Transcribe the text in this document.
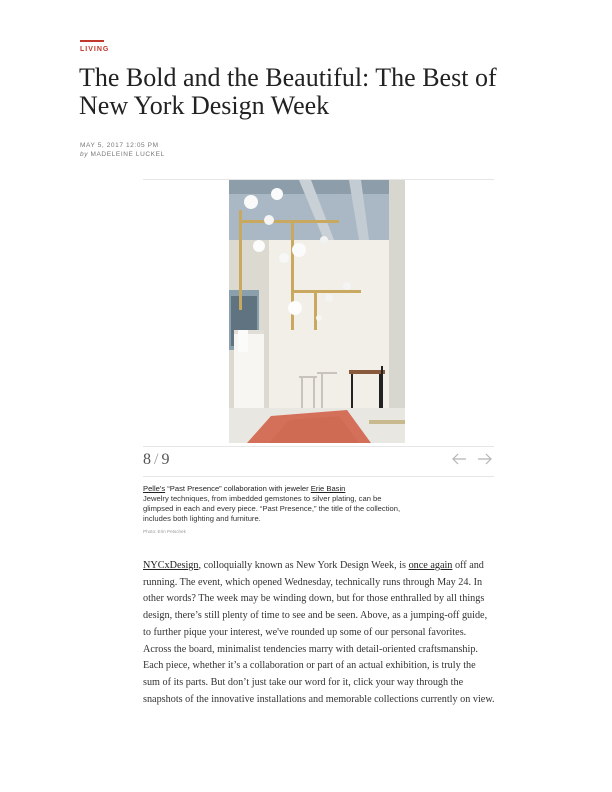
LIVING
The Bold and the Beautiful: The Best of New York Design Week
MAY 5, 2017 12:05 PM
by MADELEINE LUCKEL
8 / 9
Pelle's “Past Presence” collaboration with jeweler Erie Basin
Jewelry techniques, from imbedded gemstones to silver plating, can be glimpsed in each and every piece. “Past Presence,” the title of the collection, includes both lighting and furniture.
Photo: Erin Petschek

NYCxDesign, colloquially known as New York Design Week, is once again off and running. The event, which opened Wednesday, technically runs through May 24. In other words? The week may be winding down, but for those enthralled by all things design, there’s still plenty of time to see and be seen. Above, as a jumping-off guide, to further pique your interest, we've rounded up some of our personal favorites. Across the board, minimalist tendencies marry with detail-oriented craftsmanship. Each piece, whether it’s a collaboration or part of an actual exhibition, is truly the sum of its parts. But don’t just take our word for it, click your way through the snapshots of the innovative installations and memorable collections currently on view.
